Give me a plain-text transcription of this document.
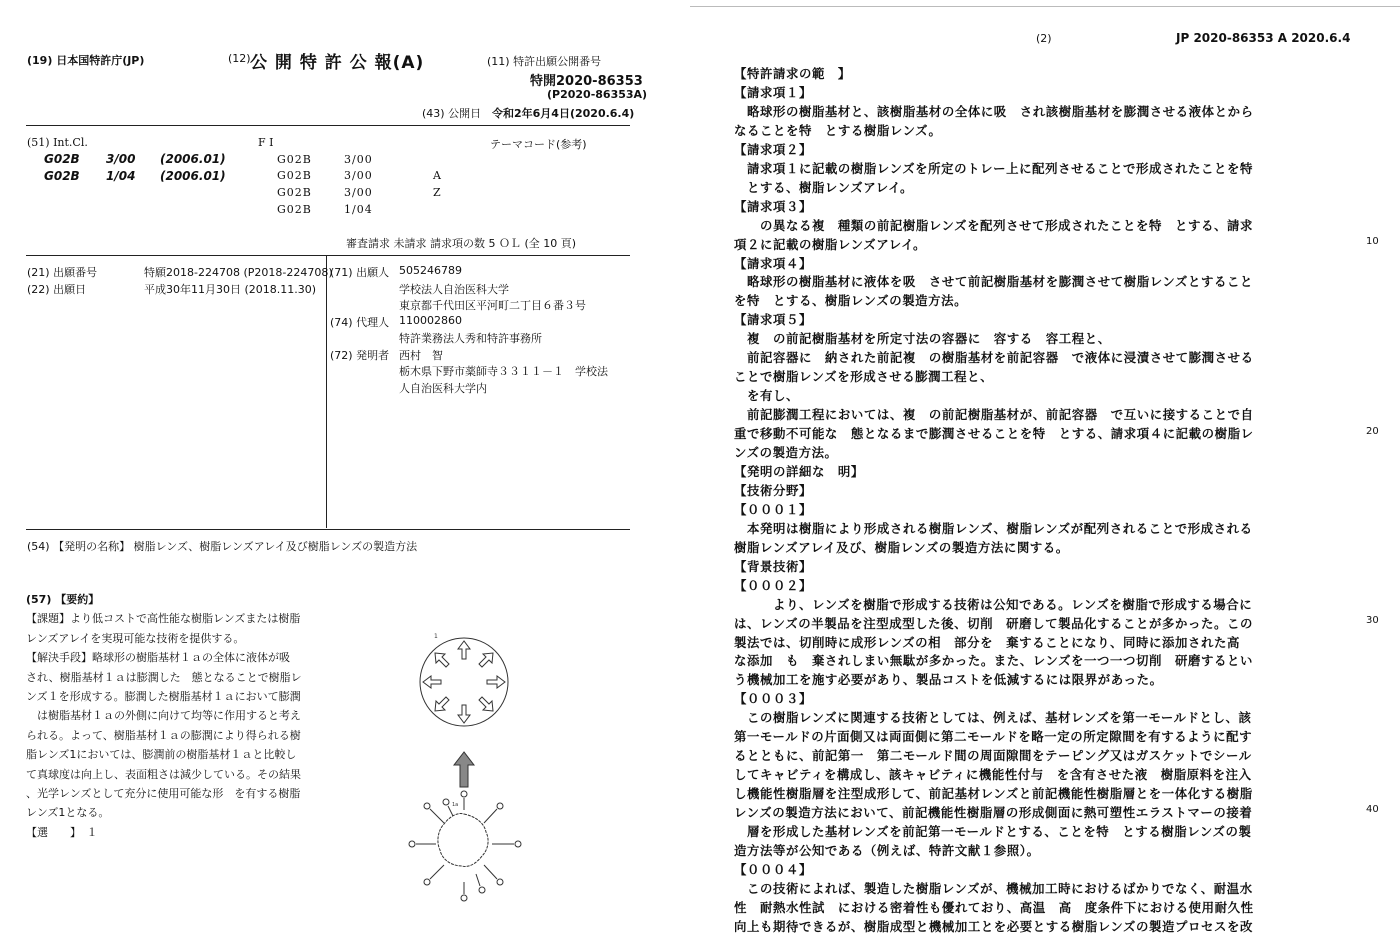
(19) 日本国特許庁(JP)	(12) 公 開 特 許 公 報(A)	(11) 特許出願公開番号
特開2020-86353
(P2020-86353A)
(43) 公開日 令和2年6月4日(2020.6.4)
(51) Int.Cl.	F I	テーマコード(参考)
G02B 3/00 (2006.01)
G02B 1/04 (2006.01)
G02B	3/00
G02B	3/00	A
G02B	3/00	Z
G02B	1/04
審査請求 未請求 請求項の数 5 ＯＬ (全 10 頁)
(21) 出願番号	特願2018-224708 (P2018-224708)
(22) 出願日	平成30年11月30日 (2018.11.30)
(71) 出願人 505246789
学校法人自治医科大学
東京都千代田区平河町二丁目６番３号
(74) 代理人 110002860
特許業務法人秀和特許事務所
(72) 発明者 西村　智
栃木県下野市薬師寺３３１１－１　学校法
人自治医科大学内
(54) 【発明の名称】 樹脂レンズ、樹脂レンズアレイ及び樹脂レンズの製造方法
(57) 【要約】
【課題】より低コストで高性能な樹脂レンズまたは樹脂
レンズアレイを実現可能な技術を提供する。
【解決手段】略球形の樹脂基材１ａの全体に液体が吸
され、樹脂基材１ａは膨潤した　態となることで樹脂レ
ンズ１を形成する。膨潤した樹脂基材１ａにおいて膨潤
　は樹脂基材１ａの外側に向けて均等に作用すると考え
られる。よって、樹脂基材１ａの膨潤により得られる樹
脂レンズ1においては、膨潤前の樹脂基材１ａと比較し
て真球度は向上し、表面粗さは減少している。その結果
、光学レンズとして充分に使用可能な形　を有する樹脂
レンズ1となる。
【選　　】　１
1
1a
(2)	JP 2020-86353 A 2020.6.4
【特許請求の範　】
【請求項１】
　略球形の樹脂基材と、該樹脂基材の全体に吸　され該樹脂基材を膨潤させる液体とから
なることを特　とする樹脂レンズ。
【請求項２】
　請求項１に記載の樹脂レンズを所定のトレー上に配列させることで形成されたことを特
　とする、樹脂レンズアレイ。
【請求項３】
　　の異なる複　種類の前記樹脂レンズを配列させて形成されたことを特　とする、請求
項２に記載の樹脂レンズアレイ。
【請求項４】
　略球形の樹脂基材に液体を吸　させて前記樹脂基材を膨潤させて樹脂レンズとすること
を特　とする、樹脂レンズの製造方法。
【請求項５】
　複　の前記樹脂基材を所定寸法の容器に　容する　容工程と、
　前記容器に　納された前記複　の樹脂基材を前記容器　で液体に浸漬させて膨潤させる
ことで樹脂レンズを形成させる膨潤工程と、
　を有し、
　前記膨潤工程においては、複　の前記樹脂基材が、前記容器　で互いに接することで自
重で移動不可能な　態となるまで膨潤させることを特　とする、請求項４に記載の樹脂レ
ンズの製造方法。
【発明の詳細な　明】
【技術分野】
【０００１】
　本発明は樹脂により形成される樹脂レンズ、樹脂レンズが配列されることで形成される
樹脂レンズアレイ及び、樹脂レンズの製造方法に関する。
【背景技術】
【０００２】
　　　より、レンズを樹脂で形成する技術は公知である。レンズを樹脂で形成する場合に
は、レンズの半製品を注型成型した後、切削　研磨して製品化することが多かった。この
製法では、切削時に成形レンズの相　部分を　棄することになり、同時に添加された高
な添加　も　棄されしまい無駄が多かった。また、レンズを一つ一つ切削　研磨するとい
う機械加工を施す必要があり、製品コストを低減するには限界があった。
【０００３】
　この樹脂レンズに関連する技術としては、例えば、基材レンズを第一モールドとし、該
第一モールドの片面側又は両面側に第二モールドを略一定の所定隙間を有するように配す
るとともに、前記第一　第二モールド間の周面隙間をテーピング又はガスケットでシール
してキャビティを構成し、該キャビティに機能性付与　を含有させた液　樹脂原料を注入
し機能性樹脂層を注型成形して、前記基材レンズと前記機能性樹脂層とを一体化する樹脂
レンズの製造方法において、前記機能性樹脂層の形成側面に熱可塑性エラストマーの接着
　層を形成した基材レンズを前記第一モールドとする、ことを特　とする樹脂レンズの製
造方法等が公知である（例えば、特許文献１参照）。
【０００４】
　この技術によれば、製造した樹脂レンズが、機械加工時におけるばかりでなく、耐温水
性　耐熱水性試　における密着性も優れており、高温　高　度条件下における使用耐久性
向上も期待できるが、樹脂成型と機械加工とを必要とする樹脂レンズの製造プロセスを改
10
20
30
40
